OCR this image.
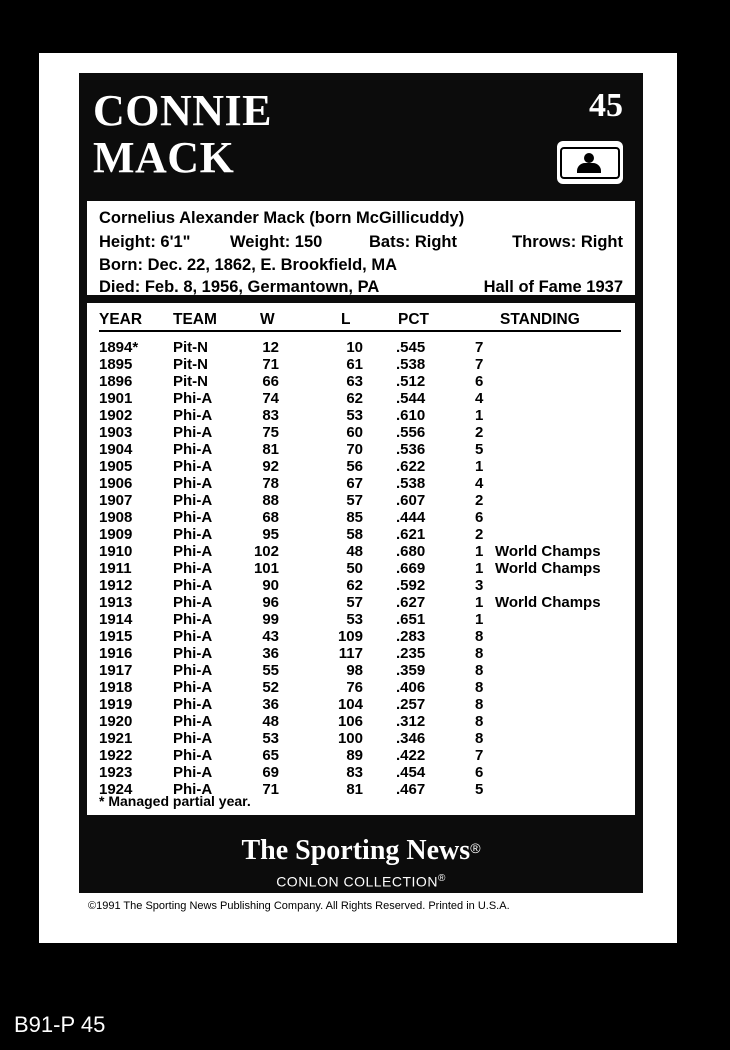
CONNIE
MACK
45
Cornelius Alexander Mack (born McGillicuddy)
Height: 6'1" Weight: 150	Bats: Right	Throws: Right
Born: Dec. 22, 1862, E. Brookfield, MA
Died: Feb. 8, 1956, Germantown, PA	Hall of Fame 1937
YEAR TEAM	W	L	PCT	STANDING
1894* Pit-N	12	10 .545	7
1895	Pit-N	71	61 .538	7
1896	Pit-N	66	63 .512	6
1901	Phi-A	74	62 .544	4
1902	Phi-A	83	53 .610	1
1903	Phi-A	75	60 .556	2
1904	Phi-A	81	70 .536	5
1905	Phi-A	92	56 .622	1
1906	Phi-A	78	67 .538	4
1907	Phi-A	88	57 .607	2
1908	Phi-A	68	85 .444	6
1909	Phi-A	95	58 .621	2
1910	Phi-A	102	48 .680	1 World Champs
1911	Phi-A	101	50 .669	1 World Champs
1912	Phi-A	90	62 .592	3
1913	Phi-A	96	57 .627	1 World Champs
1914	Phi-A	99	53 .651	1
1915	Phi-A	43	109 .283	8
1916	Phi-A	36	117 .235	8
1917	Phi-A	55	98 .359	8
1918	Phi-A	52	76 .406	8
1919	Phi-A	36	104 .257	8
1920	Phi-A	48	106 .312	8
1921	Phi-A	53	100 .346	8
1922	Phi-A	65	89 .422	7
1923	Phi-A	69	83 .454	6
1924	Phi-A	71	81 .467	5
* Managed partial year.
The Sporting News®
CONLON COLLECTION®
©1991 The Sporting News Publishing Company. All Rights Reserved. Printed in U.S.A.
B91-P 45
